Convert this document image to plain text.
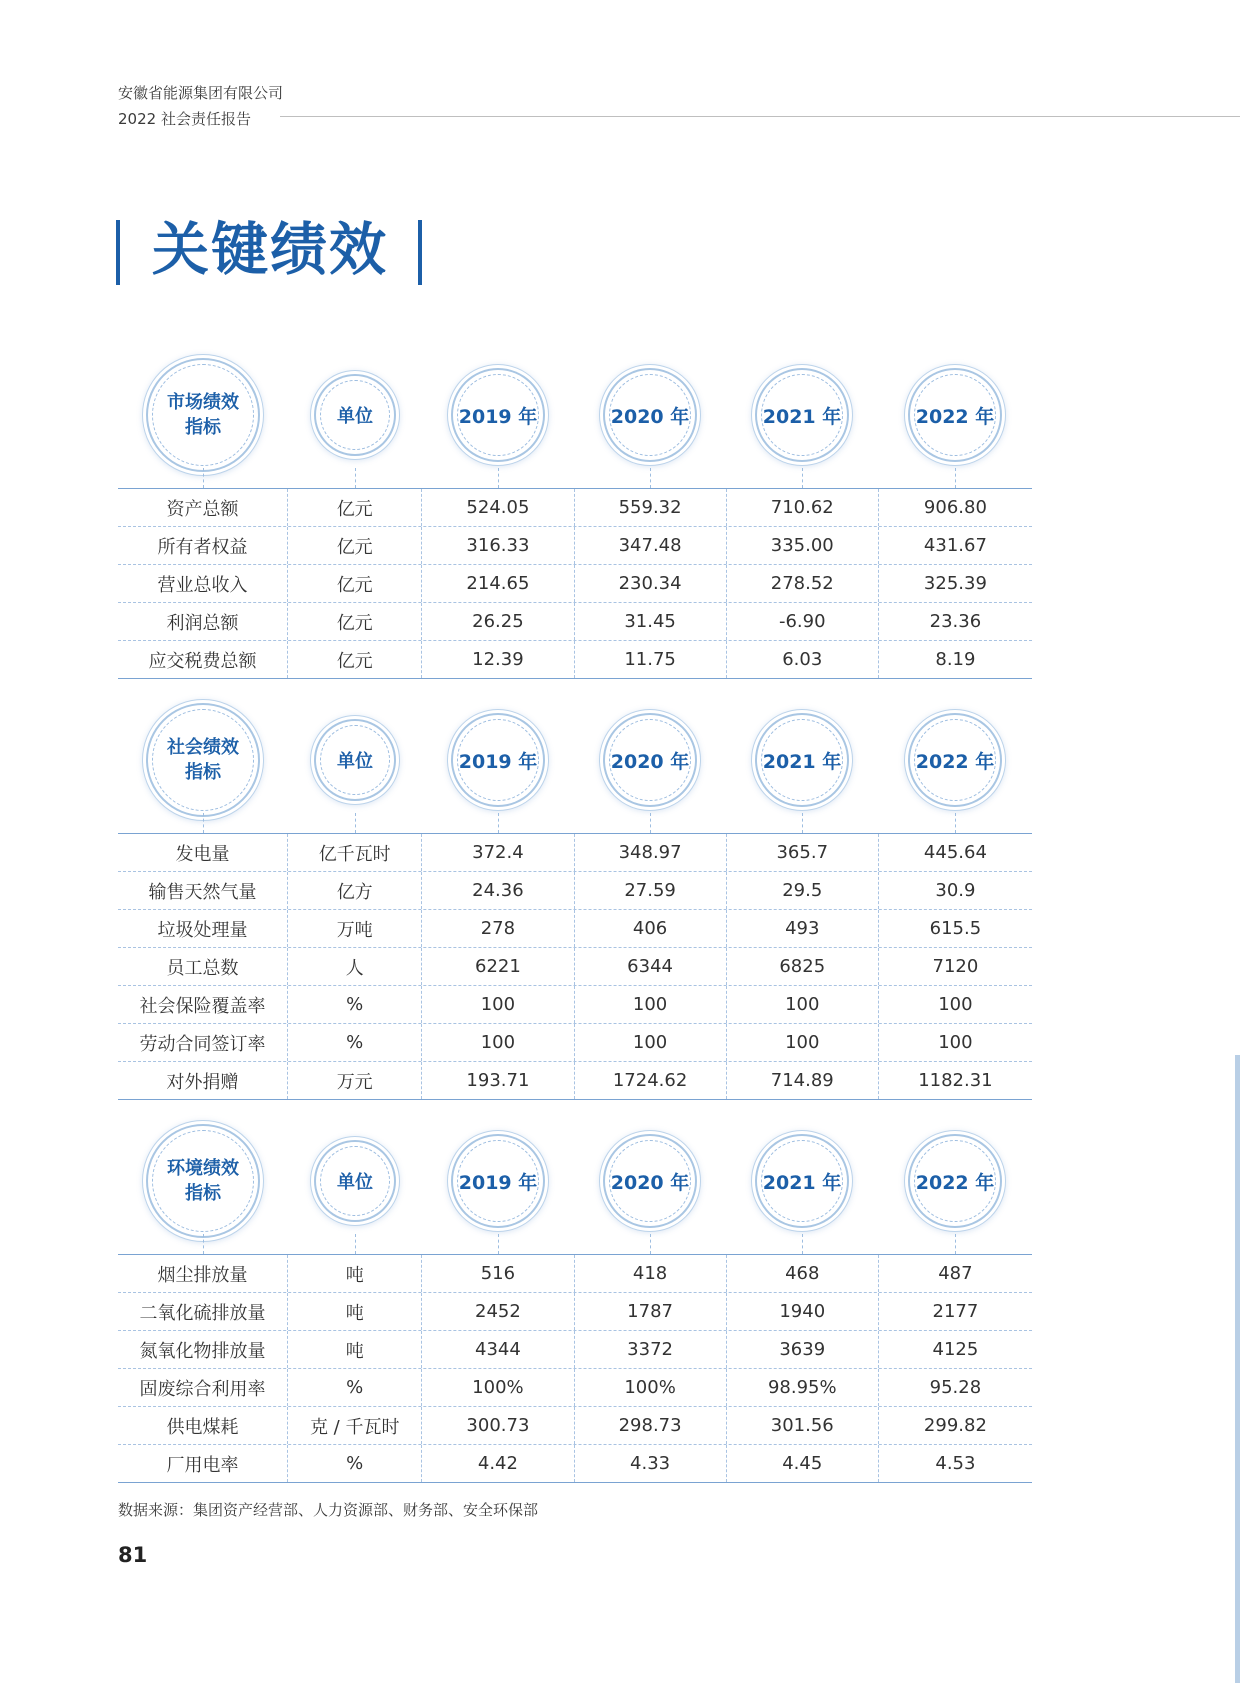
安徽省能源集团有限公司
2022 社会责任报告
关键绩效
市场绩效
指标
单位	2019 年	2020 年	2021 年	2022 年
资产总额	亿元	524.05	559.32	710.62	906.80
所有者权益	亿元	316.33	347.48	335.00	431.67
营业总收入	亿元	214.65	230.34	278.52	325.39
利润总额	亿元	26.25	31.45	-6.90	23.36
应交税费总额	亿元	12.39	11.75	6.03	8.19
社会绩效
指标
单位	2019 年	2020 年	2021 年	2022 年
发电量	亿千瓦时	372.4	348.97	365.7	445.64
输售天然气量	亿方	24.36	27.59	29.5	30.9
垃圾处理量	万吨	278	406	493	615.5
员工总数	人	6221	6344	6825	7120
社会保险覆盖率	%	100	100	100	100
劳动合同签订率	%	100	100	100	100
对外捐赠	万元	193.71	1724.62	714.89	1182.31
环境绩效
指标
单位	2019 年	2020 年	2021 年	2022 年
烟尘排放量	吨	516	418	468	487
二氧化硫排放量	吨	2452	1787	1940	2177
氮氧化物排放量	吨	4344	3372	3639	4125
固废综合利用率	%	100%	100%	98.95%	95.28
供电煤耗	克 / 千瓦时	300.73	298.73	301.56	299.82
厂用电率	%	4.42	4.33	4.45	4.53
数据来源：集团资产经营部、人力资源部、财务部、安全环保部
81
